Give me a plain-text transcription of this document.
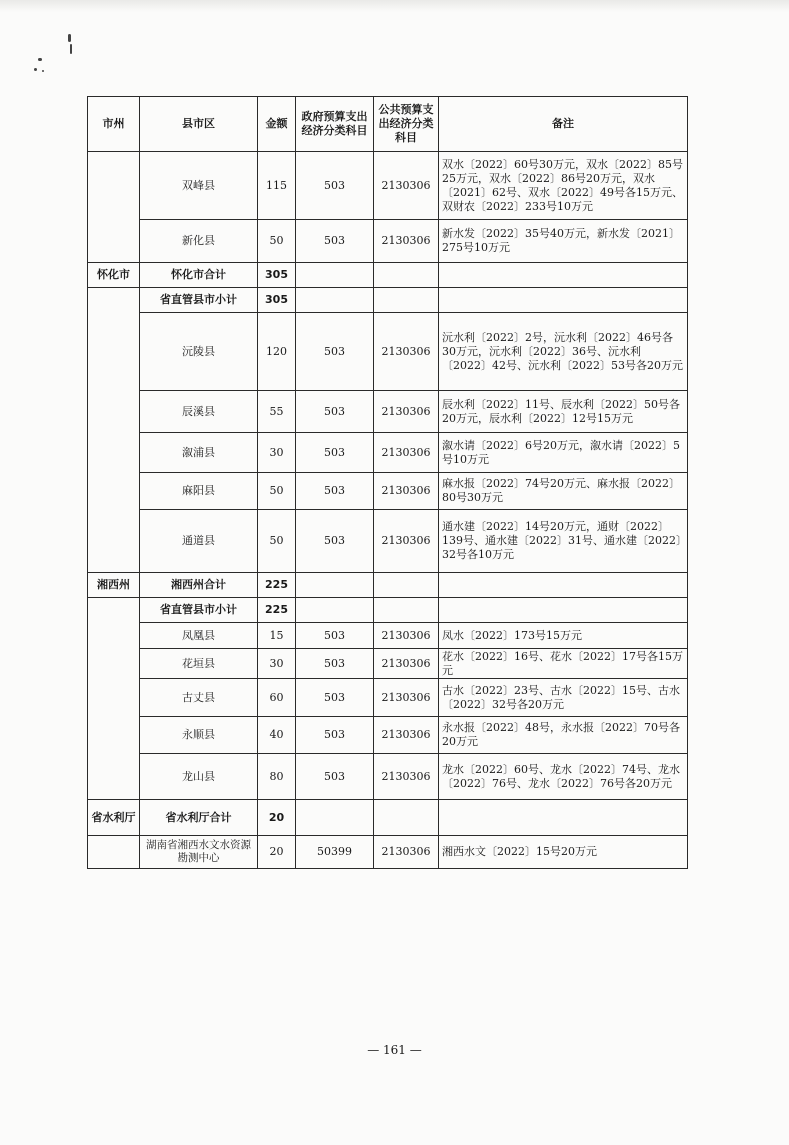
市州	县市区	金额	政府预算支出经济分类科目	公共预算支出经济分类科目	备注
	双峰县	115	503	2130306	双水〔2022〕60号30万元，双水〔2022〕85号25万元，双水〔2022〕86号20万元，双水〔2021〕62号、双水〔2022〕49号各15万元、双财农〔2022〕233号10万元
	新化县	50	503	2130306	新水发〔2022〕35号40万元，新水发〔2021〕275号10万元
怀化市	怀化市合计	305			
	省直管县市小计	305			
	沅陵县	120	503	2130306	沅水利〔2022〕2号，沅水利〔2022〕46号各30万元，沅水利〔2022〕36号、沅水利〔2022〕42号、沅水利〔2022〕53号各20万元
	辰溪县	55	503	2130306	辰水利〔2022〕11号、辰水利〔2022〕50号各20万元，辰水利〔2022〕12号15万元
	溆浦县	30	503	2130306	溆水请〔2022〕6号20万元，溆水请〔2022〕5号10万元
	麻阳县	50	503	2130306	麻水报〔2022〕74号20万元、麻水报〔2022〕80号30万元
	通道县	50	503	2130306	通水建〔2022〕14号20万元，通财〔2022〕139号、通水建〔2022〕31号、通水建〔2022〕32号各10万元
湘西州	湘西州合计	225			
	省直管县市小计	225			
	凤凰县	15	503	2130306	凤水〔2022〕173号15万元
	花垣县	30	503	2130306	花水〔2022〕16号、花水〔2022〕17号各15万元
	古丈县	60	503	2130306	古水〔2022〕23号、古水〔2022〕15号、古水〔2022〕32号各20万元
	永顺县	40	503	2130306	永水报〔2022〕48号，永水报〔2022〕70号各20万元
	龙山县	80	503	2130306	龙水〔2022〕60号、龙水〔2022〕74号、龙水〔2022〕76号、龙水〔2022〕76号各20万元
省水利厅	省水利厅合计	20			
	湖南省湘西水文水资源勘测中心	20	50399	2130306	湘西水文〔2022〕15号20万元
— 161 —
